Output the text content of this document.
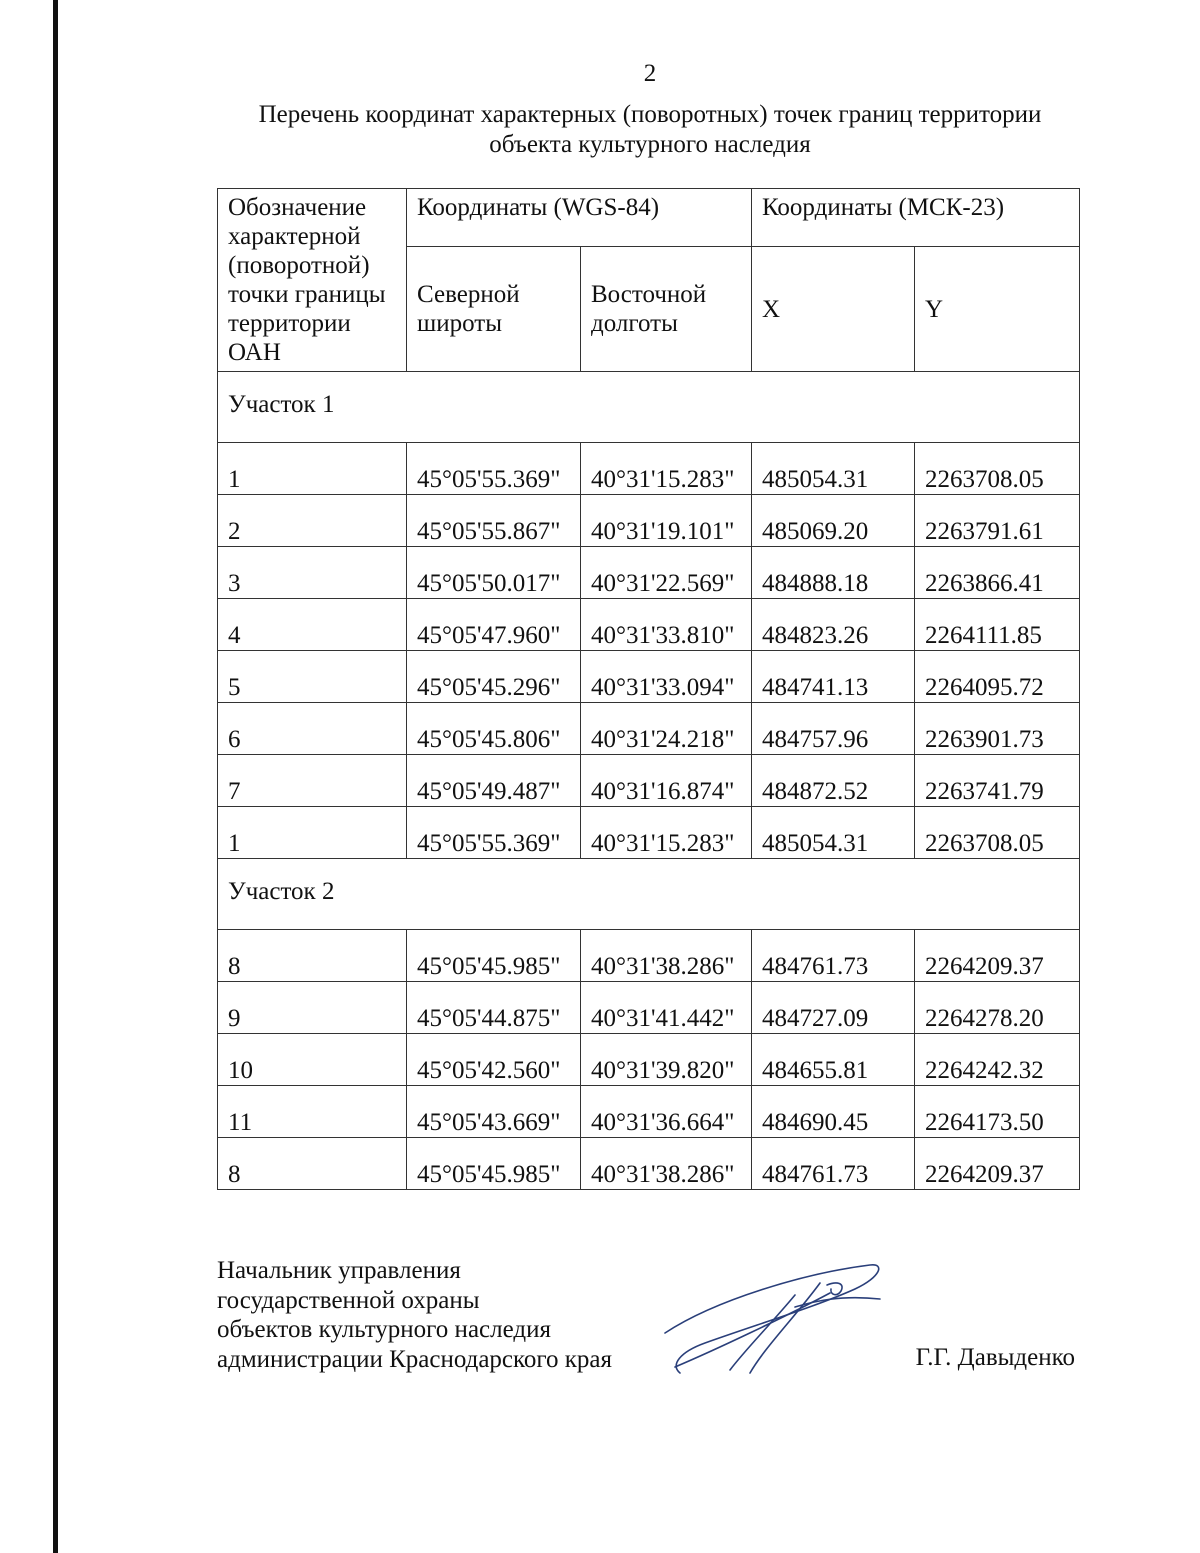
2
Перечень координат характерных (поворотных) точек границ территории
объекта культурного наследия
Обозначение характерной (поворотной) точки границы территории ОАН	Координаты (WGS-84)		Координаты (МСК-23)	
	Северной широты	Восточной долготы	X	Y
Участок 1				
1	45°05'55.369"	40°31'15.283"	485054.31	2263708.05
2	45°05'55.867"	40°31'19.101"	485069.20	2263791.61
3	45°05'50.017"	40°31'22.569"	484888.18	2263866.41
4	45°05'47.960"	40°31'33.810"	484823.26	2264111.85
5	45°05'45.296"	40°31'33.094"	484741.13	2264095.72
6	45°05'45.806"	40°31'24.218"	484757.96	2263901.73
7	45°05'49.487"	40°31'16.874"	484872.52	2263741.79
1	45°05'55.369"	40°31'15.283"	485054.31	2263708.05
Участок 2				
8	45°05'45.985"	40°31'38.286"	484761.73	2264209.37
9	45°05'44.875"	40°31'41.442"	484727.09	2264278.20
10	45°05'42.560"	40°31'39.820"	484655.81	2264242.32
11	45°05'43.669"	40°31'36.664"	484690.45	2264173.50
8	45°05'45.985"	40°31'38.286"	484761.73	2264209.37
Начальник управления
государственной охраны
объектов культурного наследия
администрации Краснодарского края	Г.Г. Давыденко
